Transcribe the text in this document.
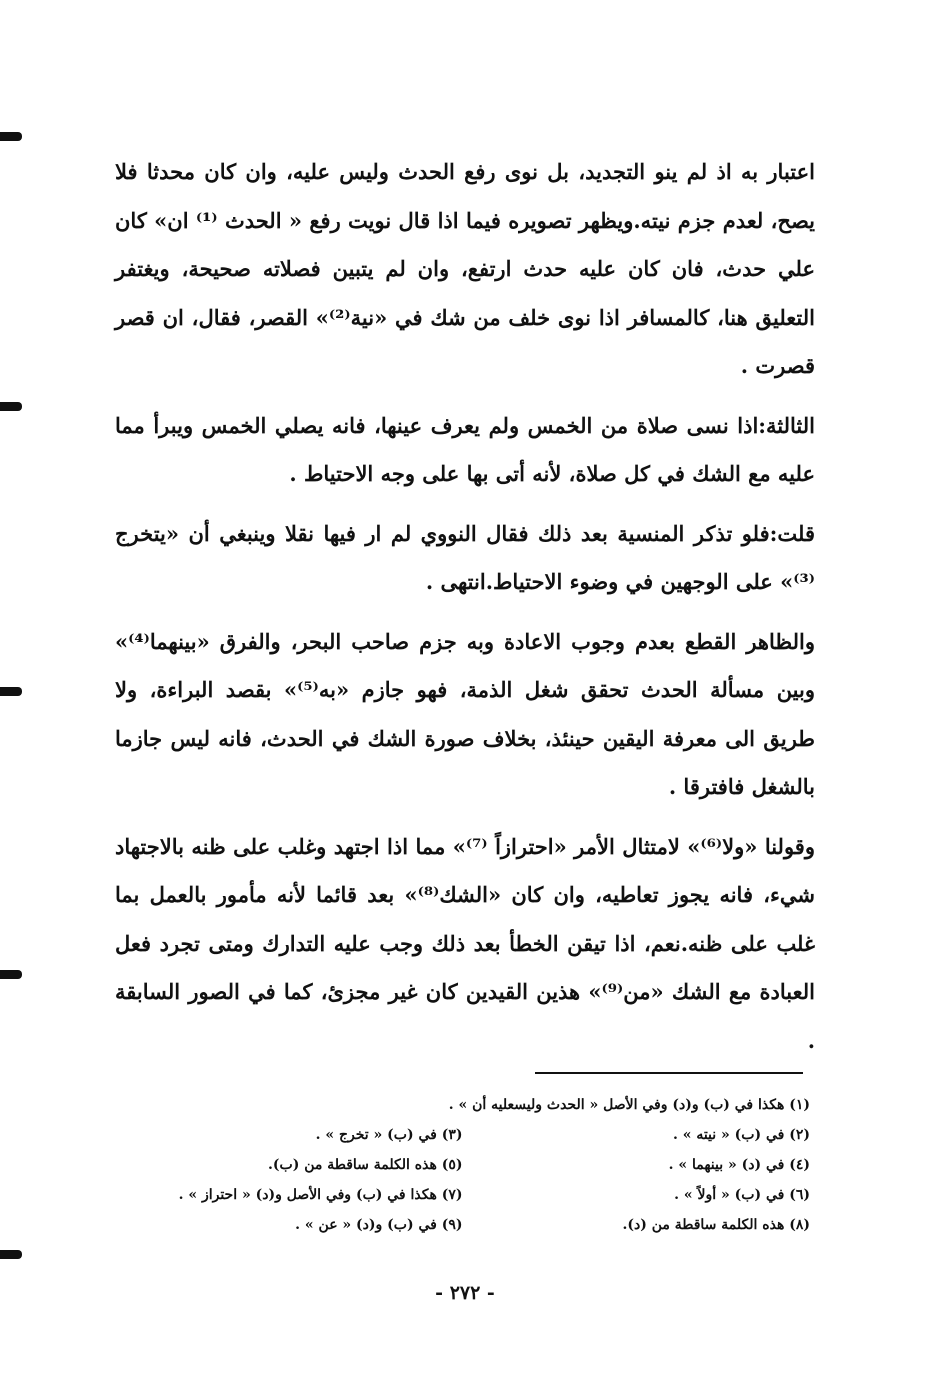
اعتبار به اذ لم ينو التجديد، بل نوى رفع الحدث وليس عليه، وان كان محدثا فلا يصح، لعدم جزم نيته.ويظهر تصويره فيما اذا قال نويت رفع « الحدث ⁽¹⁾ ان» كان علي حدث، فان كان عليه حدث ارتفع، وان لم يتبين فصلاته صحيحة، ويغتفر التعليق هنا، كالمسافر اذا نوى خلف من شك في «نية⁽²⁾» القصر، فقال، ان قصر قصرت .

الثالثة:اذا نسى صلاة من الخمس ولم يعرف عينها، فانه يصلي الخمس ويبرأ مما عليه مع الشك في كل صلاة، لأنه أتى بها على وجه الاحتياط .

قلت:فلو تذكر المنسية بعد ذلك فقال النووي لم ار فيها نقلا وينبغي أن «يتخرج ⁽³⁾» على الوجهين في وضوء الاحتياط.انتهى .

والظاهر القطع بعدم وجوب الاعادة وبه جزم صاحب البحر، والفرق «بينهما⁽⁴⁾» وبين مسألة الحدث تحقق شغل الذمة، فهو جازم «به⁽⁵⁾» بقصد البراءة، ولا طريق الى معرفة اليقين حينئذ، بخلاف صورة الشك في الحدث، فانه ليس جازما بالشغل فافترقا .

وقولنا «ولا⁽⁶⁾» لامتثال الأمر «احترازاً ⁽⁷⁾» مما اذا اجتهد وغلب على ظنه بالاجتهاد شيء، فانه يجوز تعاطيه، وان كان «الشك⁽⁸⁾» بعد قائما لأنه مأمور بالعمل بما غلب على ظنه.نعم، اذا تيقن الخطأ بعد ذلك وجب عليه التدارك ومتى تجرد فعل العبادة مع الشك «من⁽⁹⁾» هذين القيدين كان غير مجزئ، كما في الصور السابقة .

(١) هكذا في (ب) و(د) وفي الأصل « الحدث وليسعليه أن » .

(٢) في (ب) « نيته » .
(٣) في (ب) « تخرج » .
(٤) في (د) « بينهما » .
(٥) هذه الكلمة ساقطة من (ب).
(٦) في (ب) « أولاً » .
(٧) هكذا في (ب) وفي الأصل و(د) « احتراز » .
(٨) هذه الكلمة ساقطة من (د).
(٩) في (ب) و(د) « عن » .
- ٢٧٢ -
